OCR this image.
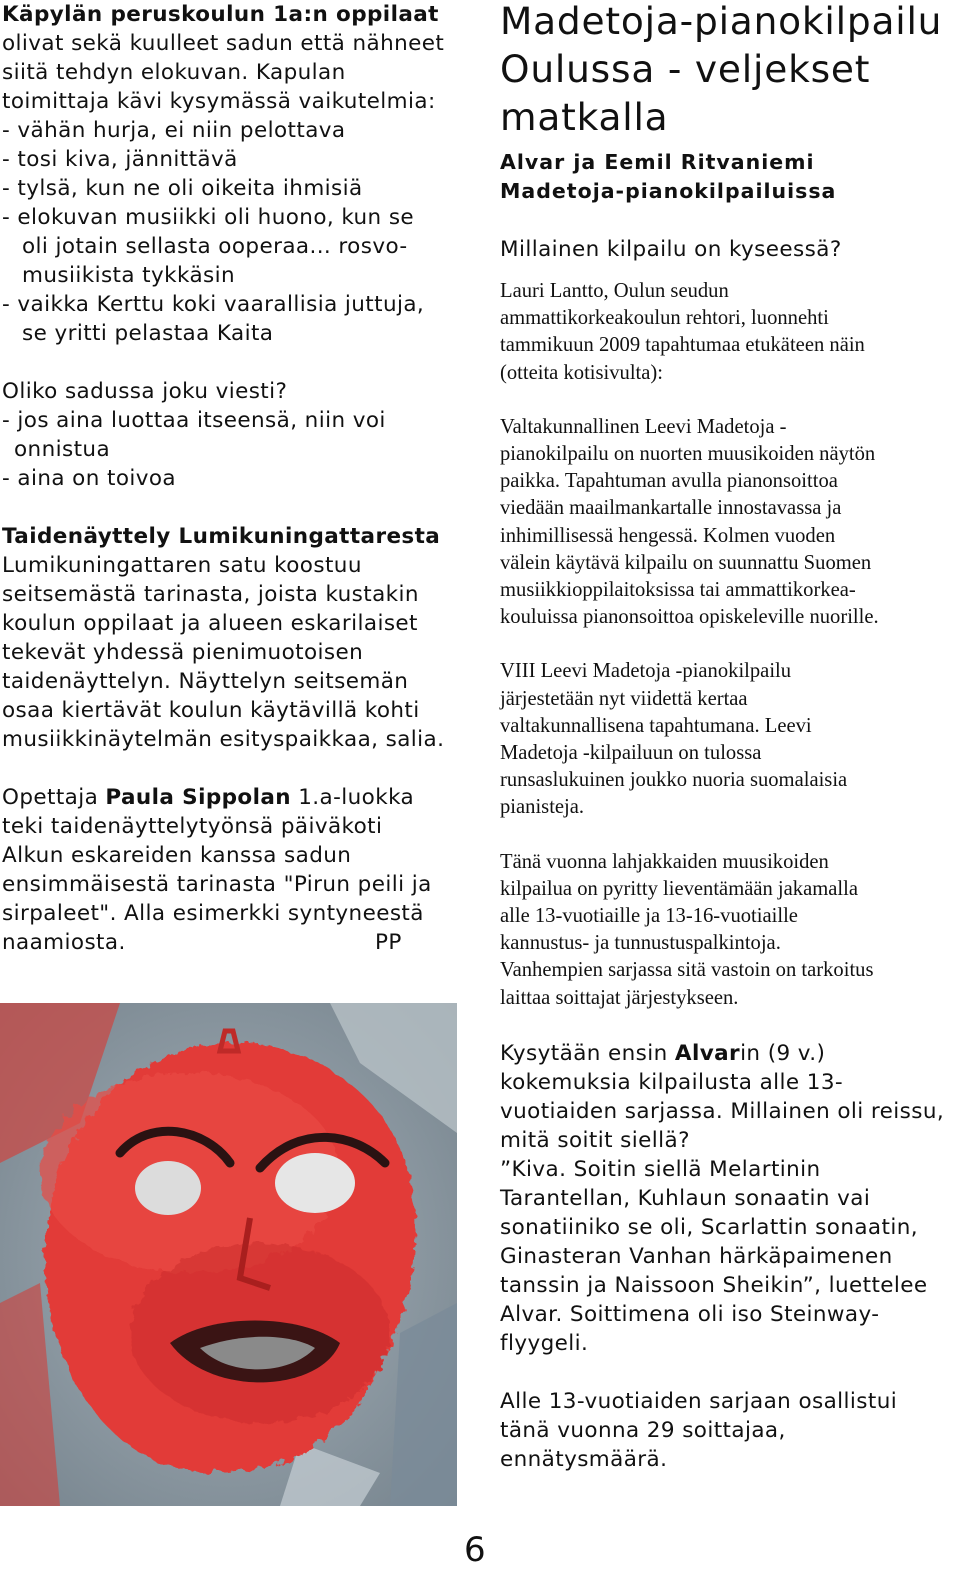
Käpylän peruskoulun 1a:n oppilaat
olivat sekä kuulleet sadun että nähneet
siitä tehdyn elokuvan. Kapulan
toimittaja kävi kysymässä vaikutelmia:
- vähän hurja, ei niin pelottava
- tosi kiva, jännittävä
- tylsä, kun ne oli oikeita ihmisiä
- elokuvan musiikki oli huono, kun se
oli jotain sellasta ooperaa... rosvo-
musiikista tykkäsin
- vaikka Kerttu koki vaarallisia juttuja,
se yritti pelastaa Kaita
Oliko sadussa joku viesti?
- jos aina luottaa itseensä, niin voi
onnistua
- aina on toivoa
Taidenäyttely Lumikuningattaresta
Lumikuningattaren satu koostuu
seitsemästä tarinasta, joista kustakin
koulun oppilaat ja alueen eskarilaiset
tekevät yhdessä pienimuotoisen
taidenäyttelyn. Näyttelyn seitsemän
osaa kiertävät koulun käytävillä kohti
musiikkinäytelmän esityspaikkaa, salia.
Opettaja Paula Sippolan 1.a-luokka
teki taidenäyttelytyönsä päiväkoti
Alkun eskareiden kanssa sadun
ensimmäisestä tarinasta "Pirun peili ja
sirpaleet". Alla esimerkki syntyneestä
naamiosta.	PP
Madetoja-pianokilpailu
Oulussa - veljekset
matkalla
Alvar ja Eemil Ritvaniemi
Madetoja-pianokilpailuissa
Millainen kilpailu on kyseessä?
Lauri Lantto, Oulun seudun
ammattikorkeakoulun rehtori, luonnehti
tammikuun 2009 tapahtumaa etukäteen näin
(otteita kotisivulta):
Valtakunnallinen Leevi Madetoja -
pianokilpailu on nuorten muusikoiden näytön
paikka. Tapahtuman avulla pianonsoittoa
viedään maailmankartalle innostavassa ja
inhimillisessä hengessä. Kolmen vuoden
välein käytävä kilpailu on suunnattu Suomen
musiikkioppilaitoksissa tai ammattikorkea-
kouluissa pianonsoittoa opiskeleville nuorille.
VIII Leevi Madetoja -pianokilpailu
järjestetään nyt viidettä kertaa
valtakunnallisena tapahtumana. Leevi
Madetoja -kilpailuun on tulossa
runsaslukuinen joukko nuoria suomalaisia
pianisteja.
Tänä vuonna lahjakkaiden muusikoiden
kilpailua on pyritty lieventämään jakamalla
alle 13-vuotiaille ja 13-16-vuotiaille
kannustus- ja tunnustuspalkintoja.
Vanhempien sarjassa sitä vastoin on tarkoitus
laittaa soittajat järjestykseen.
Kysytään ensin Alvarin (9 v.)
kokemuksia kilpailusta alle 13-
vuotiaiden sarjassa. Millainen oli reissu,
mitä soitit siellä?
”Kiva. Soitin siellä Melartinin
Tarantellan, Kuhlaun sonaatin vai
sonatiiniko se oli, Scarlattin sonaatin,
Ginasteran Vanhan härkäpaimenen
tanssin ja Naissoon Sheikin”, luettelee
Alvar. Soittimena oli iso Steinway-
flyygeli.
Alle 13-vuotiaiden sarjaan osallistui
tänä vuonna 29 soittajaa,
ennätysmäärä.
6
